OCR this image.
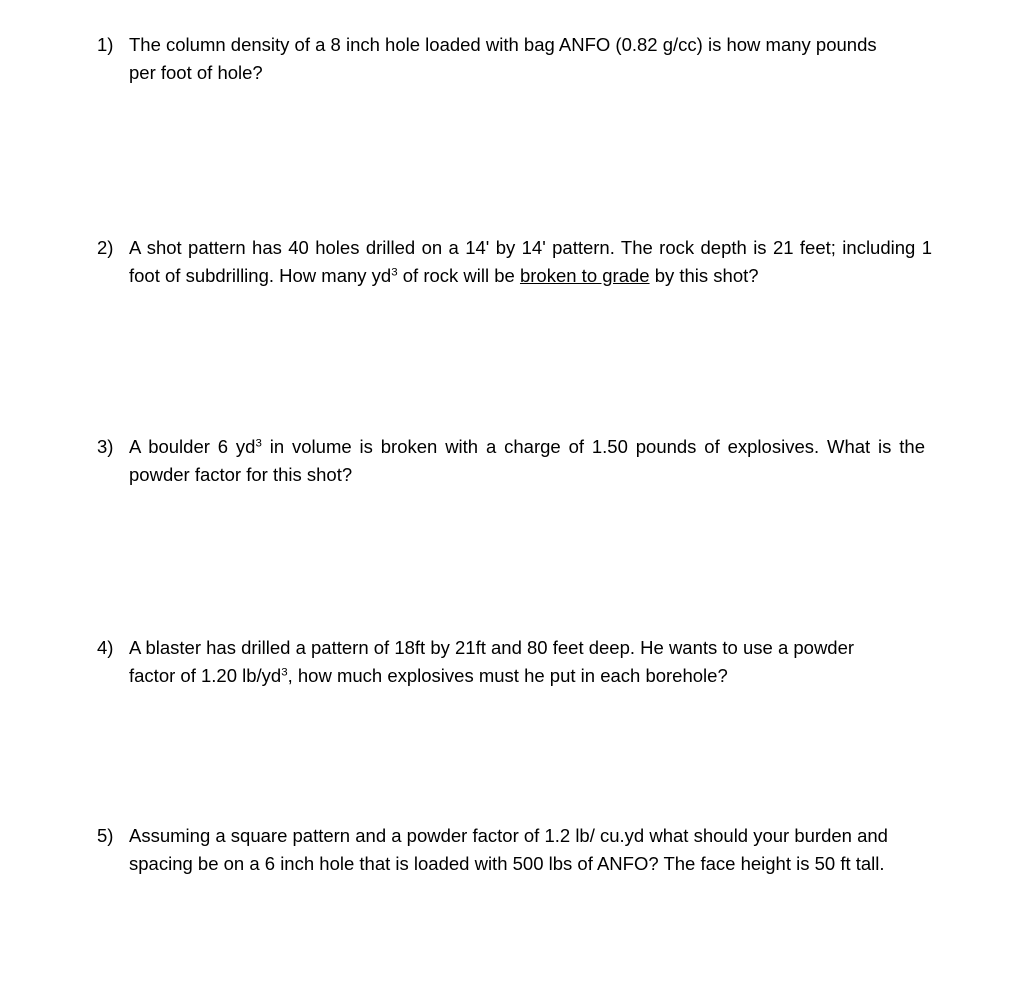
1) The column density of a 8 inch hole loaded with bag ANFO (0.82 g/cc) is how many pounds per foot of hole?
2) A shot pattern has 40 holes drilled on a 14' by 14' pattern. The rock depth is 21 feet; including 1 foot of subdrilling. How many $yd^3$ of rock will be broken to grade by this shot?
3) A boulder 6 $yd^3$ in volume is broken with a charge of 1.50 pounds of explosives. What is the powder factor for this shot?
4) A blaster has drilled a pattern of 18ft by 21ft and 80 feet deep. He wants to use a powder factor of 1.20 $lb/yd^3$, how much explosives must he put in each borehole?
5) Assuming a square pattern and a powder factor of 1.2 lb/ cu.yd what should your burden and spacing be on a 6 inch hole that is loaded with 500 lbs of ANFO? The face height is 50 ft tall.
